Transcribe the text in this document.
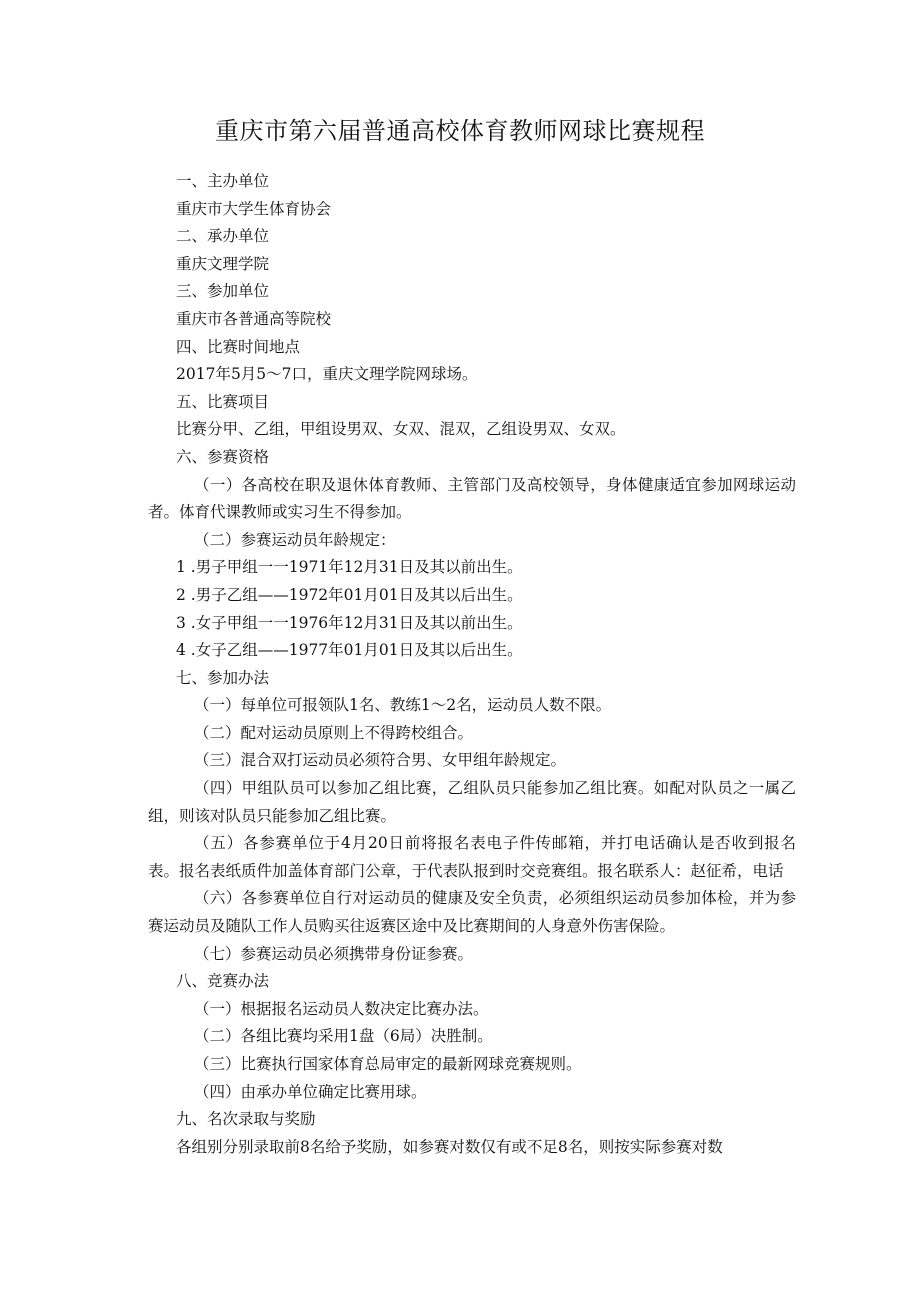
重庆市第六届普通高校体育教师网球比赛规程
一、主办单位
重庆市大学生体育协会
二、承办单位
重庆文理学院
三、参加单位
重庆市各普通高等院校
四、比赛时间地点
2017年5月5～7口，重庆文理学院网球场。
五、比赛项目
比赛分甲、乙组，甲组设男双、女双、混双，乙组设男双、女双。
六、参赛资格
（一）各高校在职及退休体育教师、主管部门及高校领导，身体健康适宜参加网球运动者。体育代课教师或实习生不得参加。
（二）参赛运动员年龄规定：
1 .男子甲组一一1971年12月31日及其以前出生。
2 .男子乙组——1972年01月01日及其以后出生。
3 .女子甲组一一1976年12月31日及其以前出生。
4 .女子乙组——1977年01月01日及其以后出生。
七、参加办法
（一）每单位可报领队1名、教练1～2名，运动员人数不限。
（二）配对运动员原则上不得跨校组合。
（三）混合双打运动员必须符合男、女甲组年龄规定。
（四）甲组队员可以参加乙组比赛，乙组队员只能参加乙组比赛。如配对队员之一属乙组，则该对队员只能参加乙组比赛。
（五）各参赛单位于4月20日前将报名表电子件传邮箱，并打电话确认是否收到报名表。报名表纸质件加盖体育部门公章，于代表队报到时交竞赛组。报名联系人：赵征希，电话
（六）各参赛单位自行对运动员的健康及安全负责，必须组织运动员参加体检，并为参赛运动员及随队工作人员购买往返赛区途中及比赛期间的人身意外伤害保险。
（七）参赛运动员必须携带身份证参赛。
八、竞赛办法
（一）根据报名运动员人数决定比赛办法。
（二）各组比赛均采用1盘（6局）决胜制。
（三）比赛执行国家体育总局审定的最新网球竞赛规则。
（四）由承办单位确定比赛用球。
九、名次录取与奖励
各组别分别录取前8名给予奖励，如参赛对数仅有或不足8名，则按实际参赛对数
